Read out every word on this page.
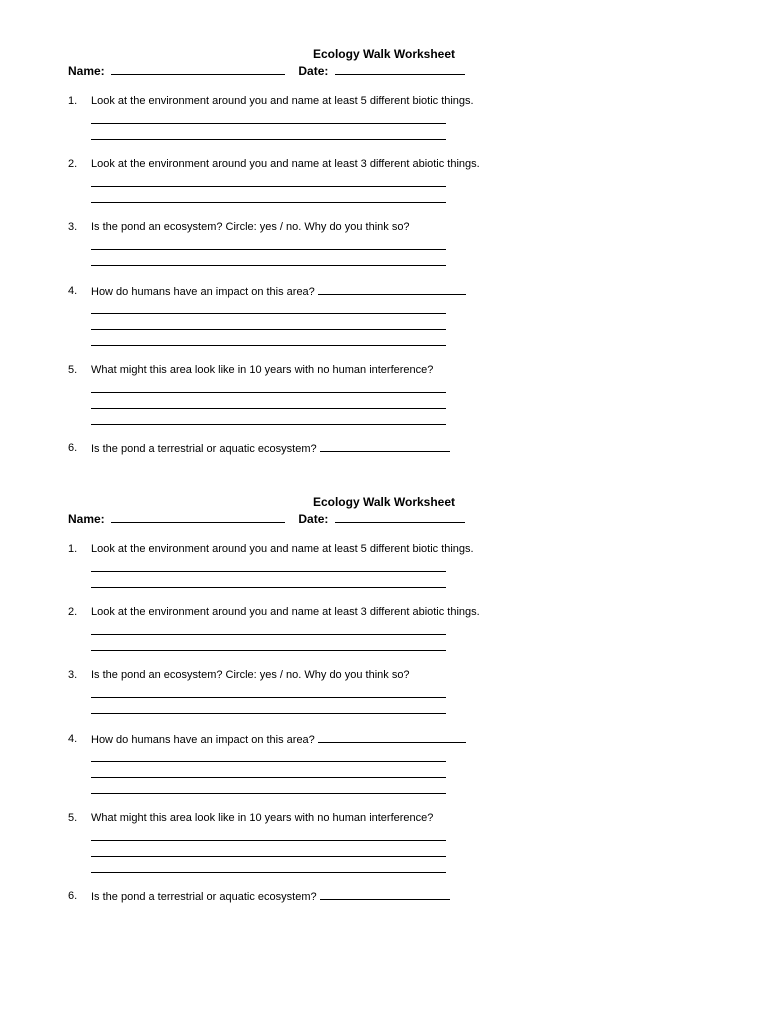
Ecology Walk Worksheet
Name:	Date:
1. Look at the environment around you and name at least 5 different biotic things.
2. Look at the environment around you and name at least 3 different abiotic things.
3. Is the pond an ecosystem? Circle: yes / no. Why do you think so?
4. How do humans have an impact on this area?
5. What might this area look like in 10 years with no human interference?
6. Is the pond a terrestrial or aquatic ecosystem?
Ecology Walk Worksheet
Name:	Date:
1. Look at the environment around you and name at least 5 different biotic things.
2. Look at the environment around you and name at least 3 different abiotic things.
3. Is the pond an ecosystem? Circle: yes / no. Why do you think so?
4. How do humans have an impact on this area?
5. What might this area look like in 10 years with no human interference?
6. Is the pond a terrestrial or aquatic ecosystem?
